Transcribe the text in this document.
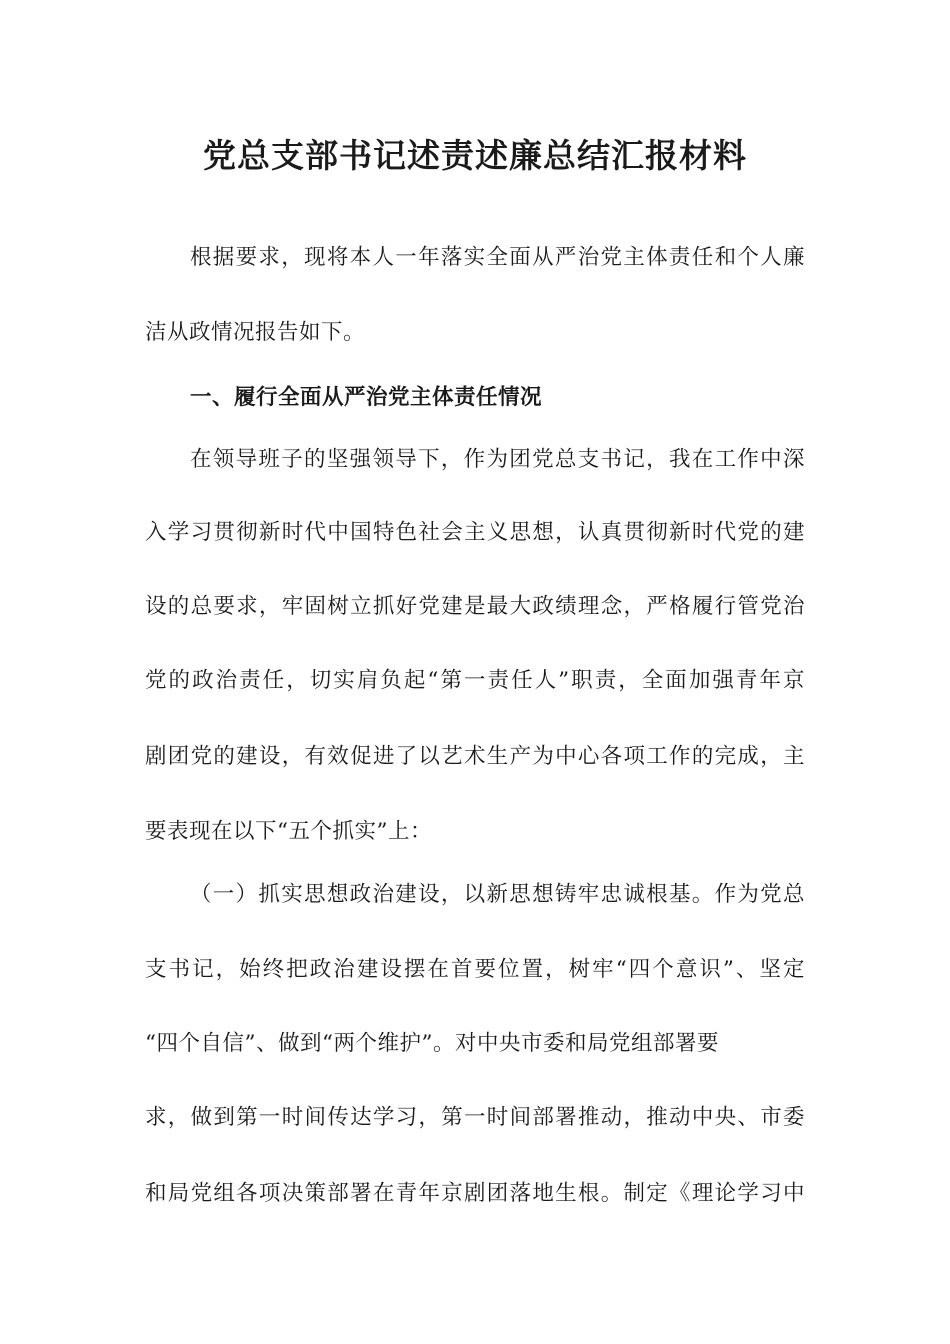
党总支部书记述责述廉总结汇报材料
根据要求，现将本人一年落实全面从严治党主体责任和个人廉
洁从政情况报告如下。
一、履行全面从严治党主体责任情况
在领导班子的坚强领导下，作为团党总支书记，我在工作中深
入学习贯彻新时代中国特色社会主义思想，认真贯彻新时代党的建
设的总要求，牢固树立抓好党建是最大政绩理念，严格履行管党治
党的政治责任，切实肩负起“第一责任人”职责，全面加强青年京
剧团党的建设，有效促进了以艺术生产为中心各项工作的完成，主
要表现在以下“五个抓实”上：
（一）抓实思想政治建设，以新思想铸牢忠诚根基。作为党总
支书记，始终把政治建设摆在首要位置，树牢“四个意识”、坚定
“四个自信”、做到“两个维护”。对中央市委和局党组部署要
求，做到第一时间传达学习，第一时间部署推动，推动中央、市委
和局党组各项决策部署在青年京剧团落地生根。制定《理论学习中
